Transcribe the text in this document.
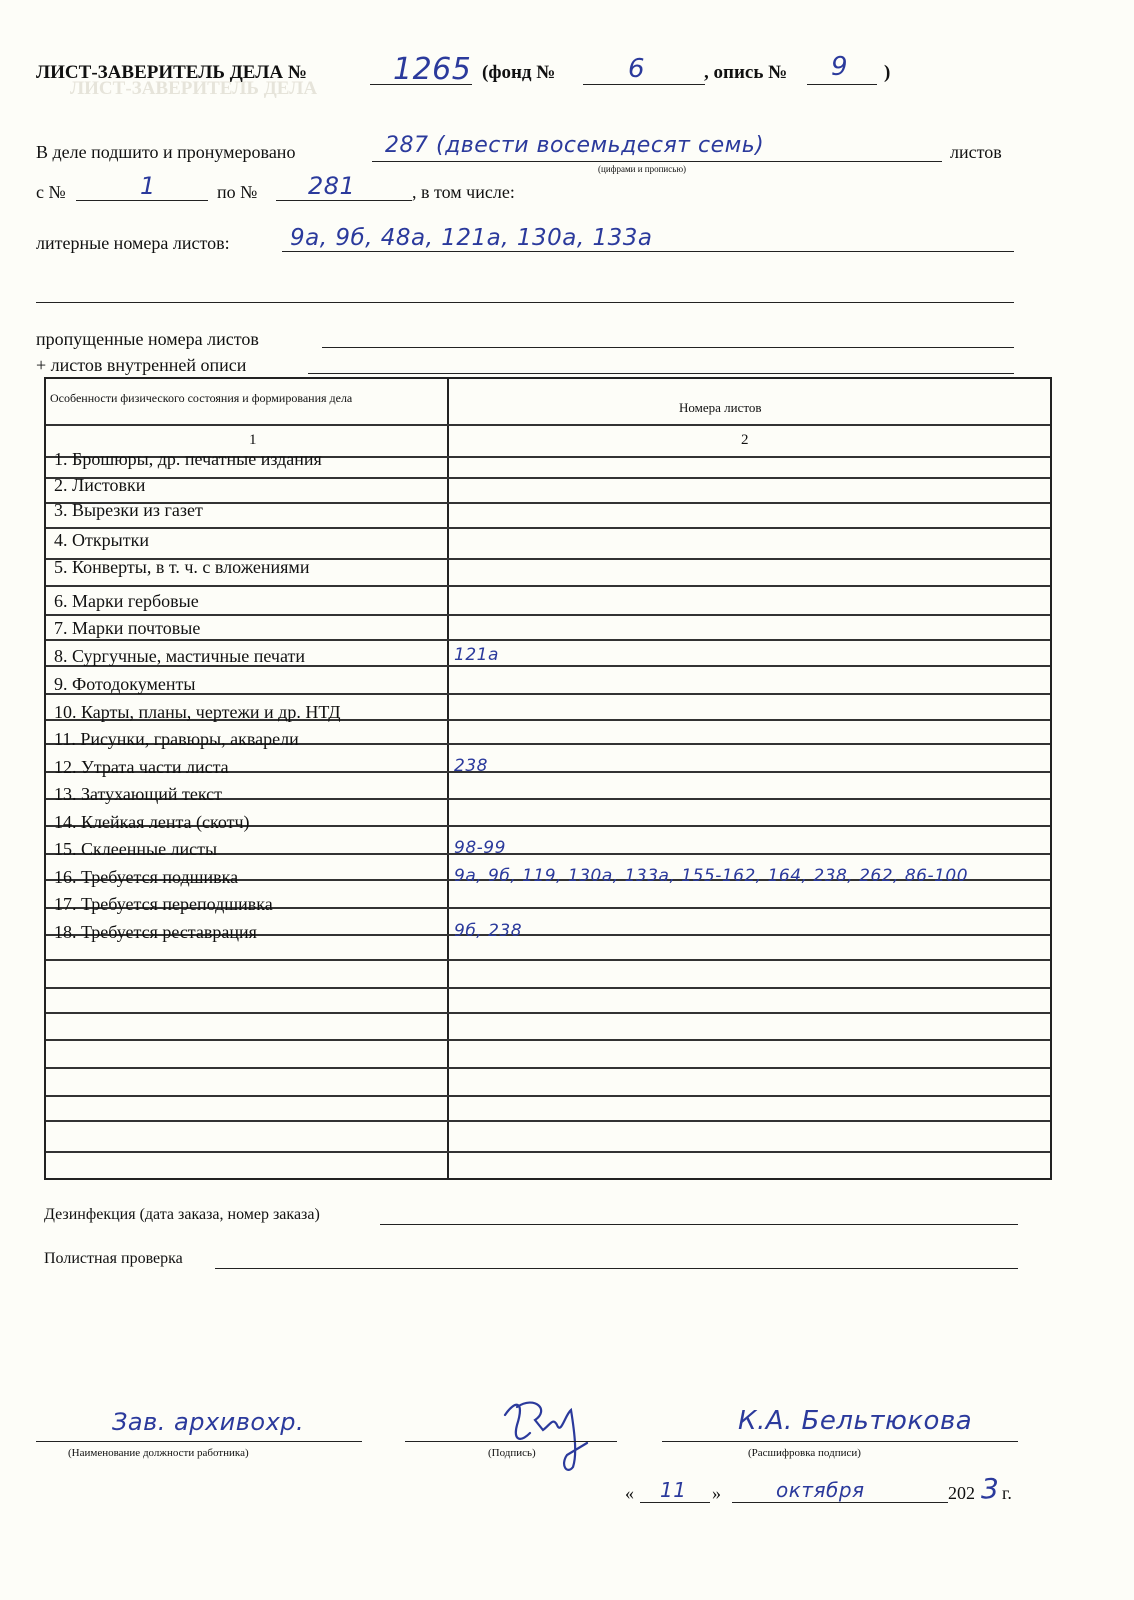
ЛИСТ-ЗАВЕРИТЕЛЬ ДЕЛА
ЛИСТ-ЗАВЕРИТЕЛЬ ДЕЛА №	1265 (фонд №	6	, опись № 9 )
В деле подшито и пронумеровано	287 (двести восемьдесят семь)
(цифрами и прописью)
листов
с №	1	по № 281	, в том числе:
литерные номера листов:	9а, 9б, 48а, 121а, 130а, 133а
пропущенные номера листов
+ листов внутренней описи
Особенности физического состояния и формирования дела
Номера листов
1	2
1. Брошюры, др. печатные издания
2. Листовки
3. Вырезки из газет
4. Открытки
5. Конверты, в т. ч. с вложениями
6. Марки гербовые
7. Марки почтовые
8. Сургучные, мастичные печати	121а
9. Фотодокументы
10. Карты, планы, чертежи и др. НТД
11. Рисунки, гравюры, акварели
12. Утрата части листа	238
13. Затухающий текст
14. Клейкая лента (скотч)
15. Склеенные листы	98-99
16. Требуется подшивка	9а, 9б, 119, 130а, 133а, 155-162, 164, 238, 262, 86-100
17. Требуется переподшивка
18. Требуется реставрация	9б, 238
Дезинфекция (дата заказа, номер заказа)
Полистная проверка
Зав. архивохр.
(Наименование должности работника)	(Подпись)
К.А. Бельтюкова
(Расшифровка подписи)
« 11 »	октября	202 3 г.
